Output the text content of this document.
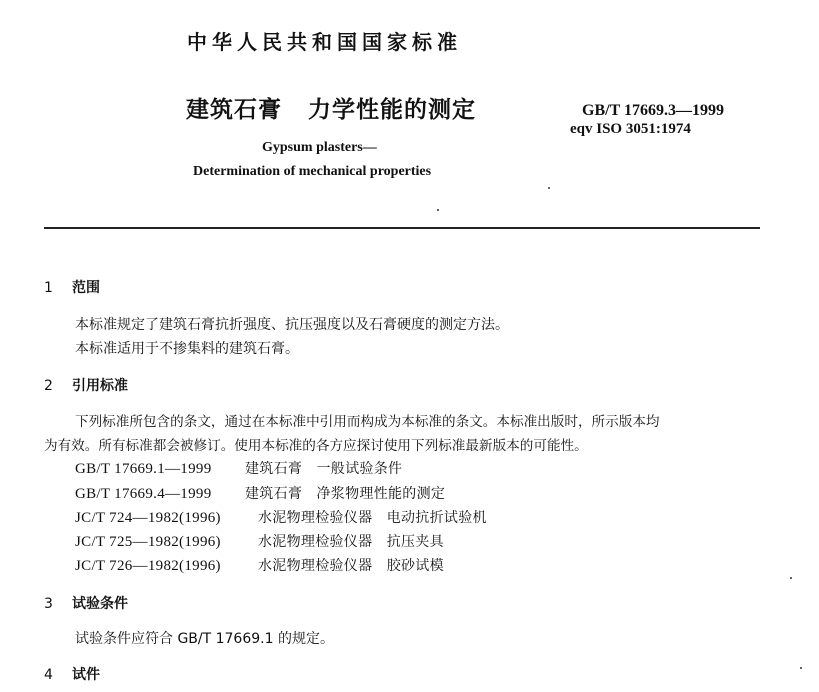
中华人民共和国国家标准
建筑石膏 力学性能的测定	GB/T 17669.3—1999
eqv ISO 3051:1974
Gypsum plasters—
Determination of mechanical properties
1 范围
本标准规定了建筑石膏抗折强度、抗压强度以及石膏硬度的测定方法。
本标准适用于不掺集料的建筑石膏。
2 引用标准
下列标准所包含的条文，通过在本标准中引用而构成为本标准的条文。本标准出版时，所示版本均
为有效。所有标准都会被修订。使用本标准的各方应探讨使用下列标准最新版本的可能性。
GB/T 17669.1—1999 建筑石膏　一般试验条件
GB/T 17669.4—1999 建筑石膏　净浆物理性能的测定
JC/T 724—1982(1996)	水泥物理检验仪器　电动抗折试验机
JC/T 725—1982(1996)	水泥物理检验仪器　抗压夹具
JC/T 726—1982(1996)	水泥物理检验仪器　胶砂试模
3 试验条件
试验条件应符合 GB/T 17669.1 的规定。
4 试件
